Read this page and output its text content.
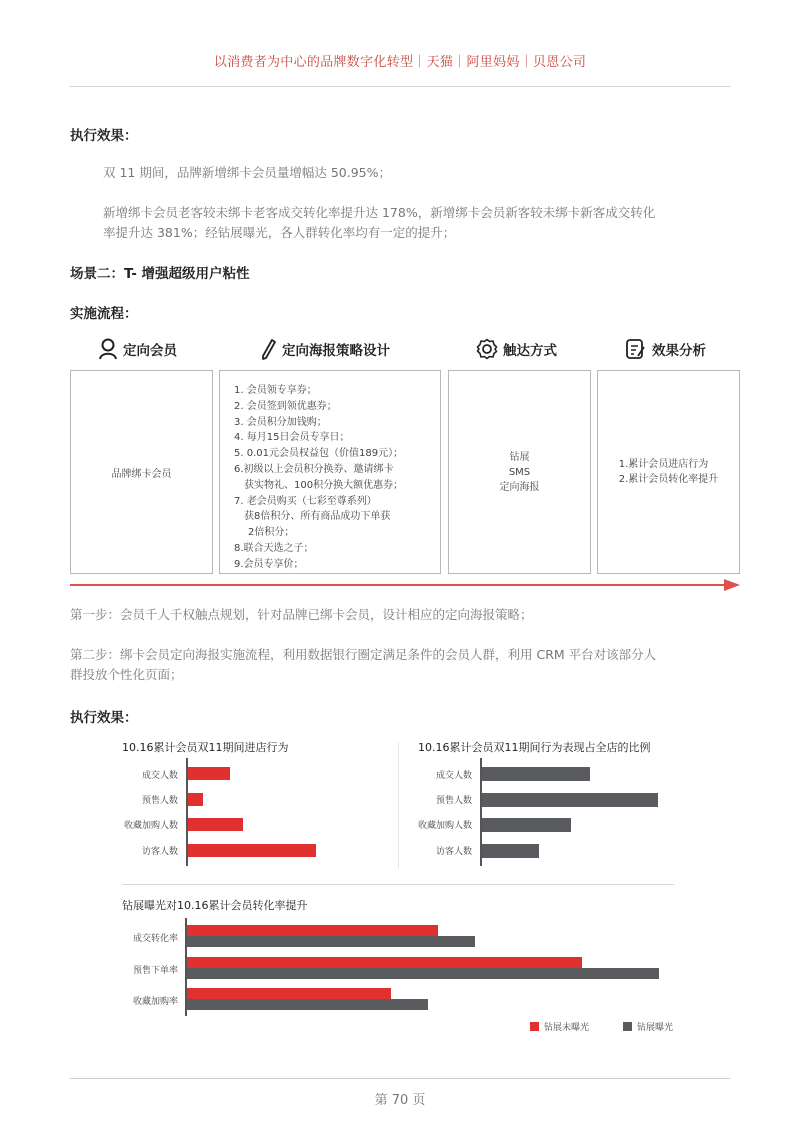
以消费者为中心的品牌数字化转型｜天猫｜阿里妈妈｜贝恩公司
执行效果：
双 11 期间，品牌新增绑卡会员量增幅达 50.95%；
新增绑卡会员老客较未绑卡老客成交转化率提升达 178%，新增绑卡会员新客较未绑卡新客成交转化
率提升达 381%；经钻展曝光，各人群转化率均有一定的提升；
场景二：T- 增强超级用户粘性
实施流程：
定向会员	定向海报策略设计	触达方式	效果分析
品牌绑卡会员
1. 会员领专享券；
2. 会员签到领优惠券；
3. 会员积分加钱购；
4. 每月15日会员专享日；
5. 0.01元会员权益包（价值189元）；
6.初级以上会员积分换券、邀请绑卡
获实物礼、100积分换大额优惠券；
7. 老会员购买（七彩至尊系列）
获8倍积分、所有商品成功下单获
2倍积分；
8.联合天选之子；
9.会员专享价；
钻展
SMS
定向海报
1.累计会员进店行为
2.累计会员转化率提升
第一步：会员千人千权触点规划，针对品牌已绑卡会员，设计相应的定向海报策略；
第二步：绑卡会员定向海报实施流程，利用数据银行圈定满足条件的会员人群，利用 CRM 平台对该部分人
群投放个性化页面；
执行效果：
10.16累计会员双11期间进店行为
成交人数
预售人数
收藏加购人数
访客人数
10.16累计会员双11期间行为表现占全店的比例
成交人数
预售人数
收藏加购人数
访客人数
钻展曝光对10.16累计会员转化率提升
成交转化率
预售下单率
收藏加购率
钻展未曝光	钻展曝光
第 70 页
